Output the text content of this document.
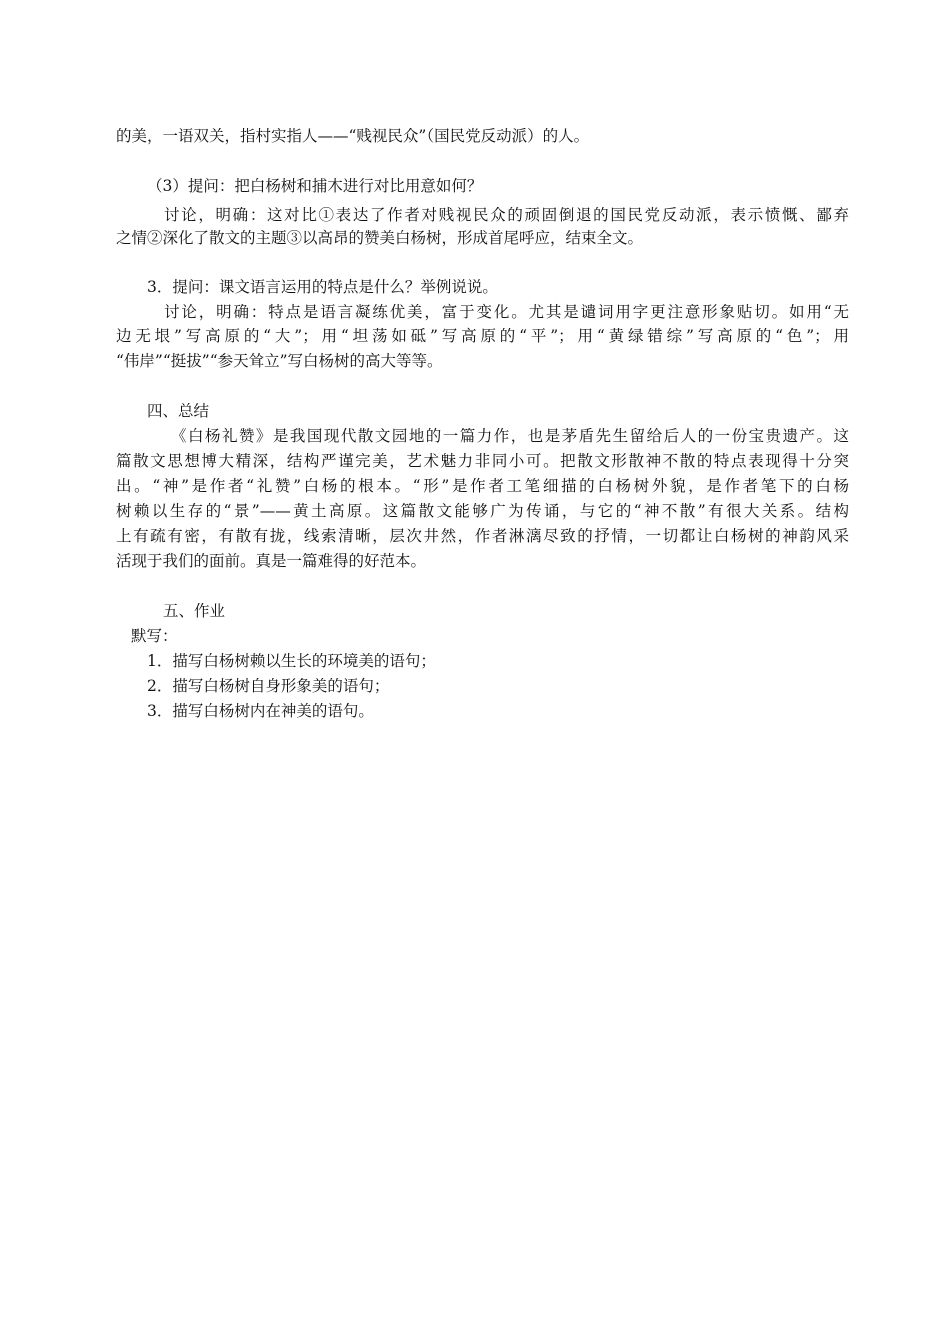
的美，一语双关，指村实指人——“贱视民众”（国民党反动派）的人。
（3）提问：把白杨树和捕木进行对比用意如何？
讨论，明确：这对比①表达了作者对贱视民众的顽固倒退的国民党反动派，表示愤慨、鄙弃
之情②深化了散文的主题③以高昂的赞美白杨树，形成首尾呼应，结束全文。
3．提问：课文语言运用的特点是什么？举例说说。
讨论，明确：特点是语言凝练优美，富于变化。尤其是谴词用字更注意形象贴切。如用“无
边无垠”写高原的“大”；用“坦荡如砥”写高原的“平”；用“黄绿错综”写高原的“色”；用
“伟岸”“挺拔”“参天耸立”写白杨树的高大等等。
四、总结
《白杨礼赞》是我国现代散文园地的一篇力作，也是茅盾先生留给后人的一份宝贵遗产。这
篇散文思想博大精深，结构严谨完美，艺术魅力非同小可。把散文形散神不散的特点表现得十分突
出。“神”是作者“礼赞”白杨的根本。“形”是作者工笔细描的白杨树外貌，是作者笔下的白杨
树赖以生存的“景”——黄土高原。这篇散文能够广为传诵，与它的“神不散”有很大关系。结构
上有疏有密，有散有拢，线索清晰，层次井然，作者淋漓尽致的抒情，一切都让白杨树的神韵风采
活现于我们的面前。真是一篇难得的好范本。
五、作业
默写：
1．描写白杨树赖以生长的环境美的语句；
2．描写白杨树自身形象美的语句；
3．描写白杨树内在神美的语句。
